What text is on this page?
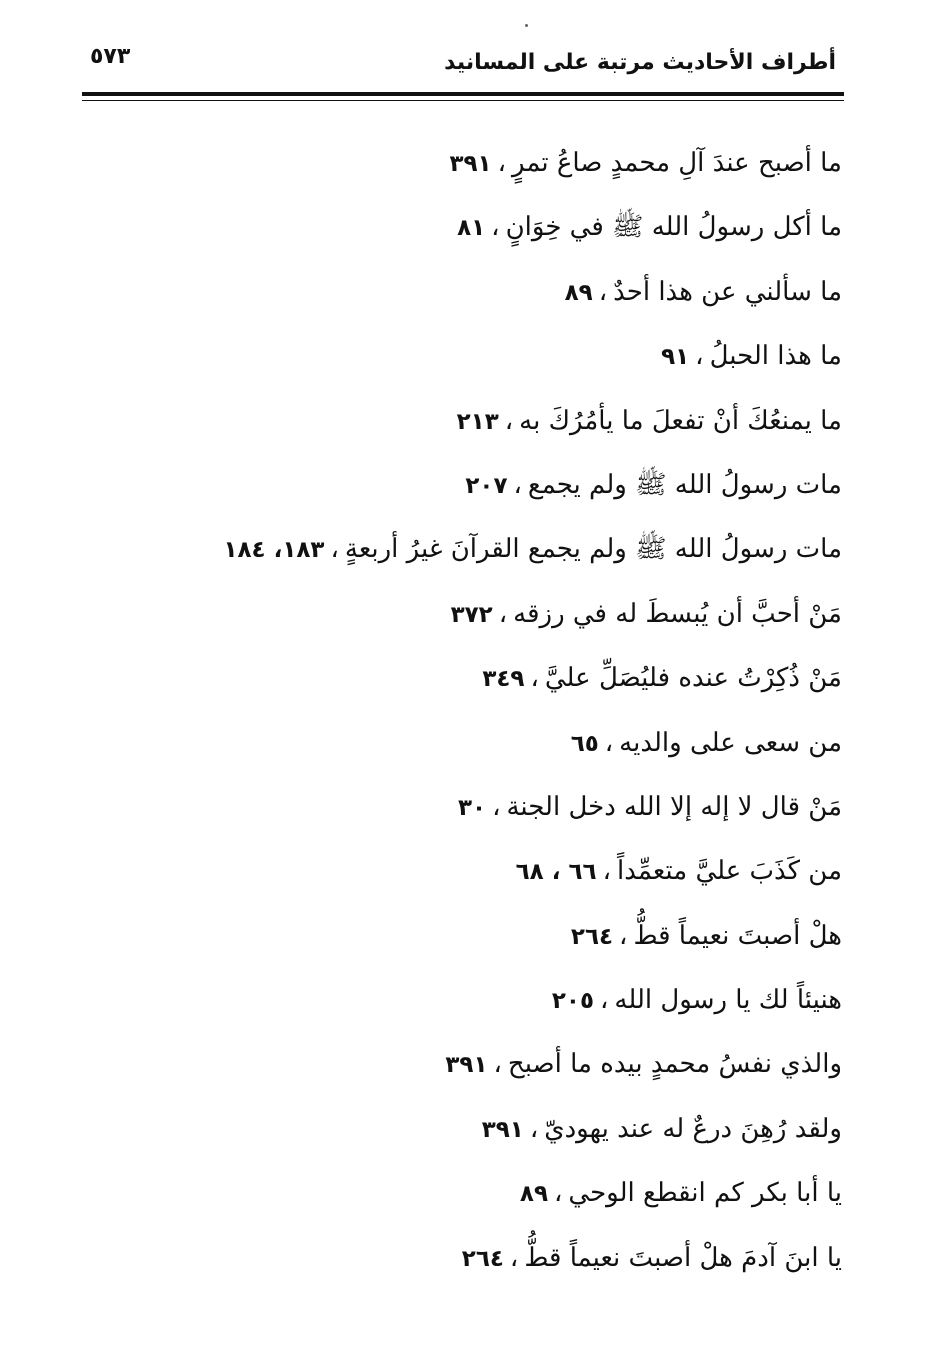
أطراف الأحاديث مرتبة على المسانيد
٥٧٣
ما أصبح عندَ آلِ محمدٍ صاعُ تمرٍ،٣٩١
ما أكل رسولُ الله ﷺ في خِوَانٍ،٨١
ما سألني عن هذا أحدٌ،٨٩
ما هذا الحبلُ،٩١
ما يمنعُكَ أنْ تفعلَ ما يأمُرُكَ به،٢١٣
مات رسولُ الله ﷺ ولم يجمع،٢٠٧
مات رسولُ الله ﷺ ولم يجمع القرآنَ غيرُ أربعةٍ،١٨٣، ١٨٤
مَنْ أحبَّ أن يُبسطَ له في رزقه،٣٧٢
مَنْ ذُكِرْتُ عنده فليُصَلِّ عليَّ،٣٤٩
من سعى على والديه،٦٥
مَنْ قال لا إله إلا الله دخل الجنة،٣٠
من كَذَبَ عليَّ متعمِّداً،٦٦ ، ٦٨
هلْ أصبتَ نعيماً قطُّ،٢٦٤
هنيئاً لك يا رسول الله،٢٠٥
والذي نفسُ محمدٍ بيده ما أصبح،٣٩١
ولقد رُهِنَ درعٌ له عند يهوديّ،٣٩١
يا أبا بكر كم انقطع الوحي،٨٩
يا ابنَ آدمَ هلْ أصبتَ نعيماً قطُّ،٢٦٤
